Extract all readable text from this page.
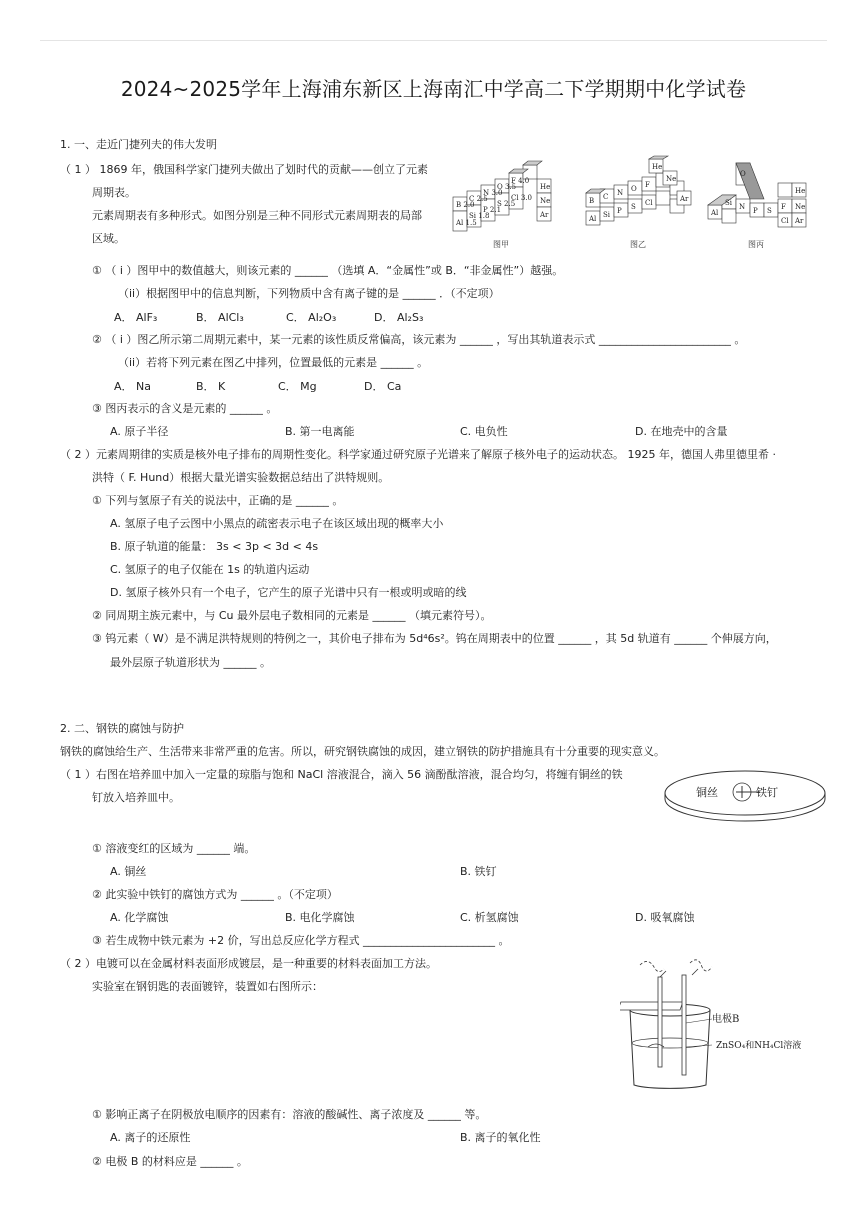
2024~2025学年上海浦东新区上海南汇中学高二下学期期中化学试卷
1. 一、走近门捷列夫的伟大发明
（ 1 ） 1869 年，俄国科学家门捷列夫做出了划时代的贡献——创立了元素
周期表。
元素周期表有多种形式。如图分别是三种不同形式元素周期表的局部
区域。
B 2.0
Al 1.5
C 2.5
Si 1.8
N 3.0
P 2.1
O 3.5
S 2.5
F 4.0
Cl 3.0
He
Ne
Ar
图甲
B
Al
C
Si
N
P
O
S
F
Cl
He
Ne
Ar
图乙
O
He
Ne
Ar
F
Cl
Si
Al
N P S
图丙
① （ i ）图甲中的数值越大，则该元素的 ______ （选填 A．“金属性”或 B．“非金属性”）越强。
（ii）根据图甲中的信息判断，下列物质中含有离子键的是 ______ ．（不定项）
A． AlF₃	B． AlCl₃	C． Al₂O₃	D． Al₂S₃
② （ i ）图乙所示第二周期元素中，某一元素的该性质反常偏高，该元素为 ______ ，写出其轨道表示式 ________________________ 。
（ii）若将下列元素在图乙中排列，位置最低的元素是 ______ 。
A． Na	B． K	C． Mg	D． Ca
③ 图丙表示的含义是元素的 ______ 。
A. 原子半径	B. 第一电离能	C. 电负性	D. 在地壳中的含量
（ 2 ）元素周期律的实质是核外电子排布的周期性变化。科学家通过研究原子光谱来了解原子核外电子的运动状态。 1925 年，德国人弗里德里希 ·
洪特（ F. Hund）根据大量光谱实验数据总结出了洪特规则。
① 下列与氢原子有关的说法中，正确的是 ______ 。
A. 氢原子电子云图中小黑点的疏密表示电子在该区域出现的概率大小
B. 原子轨道的能量： 3s < 3p < 3d < 4s
C. 氢原子的电子仅能在 1s 的轨道内运动
D. 氢原子核外只有一个电子，它产生的原子光谱中只有一根或明或暗的线
② 同周期主族元素中，与 Cu 最外层电子数相同的元素是 ______ （填元素符号）。
③ 钨元素（ W）是不满足洪特规则的特例之一，其价电子排布为 5d⁴6s²。钨在周期表中的位置 ______ ，其 5d 轨道有 ______ 个伸展方向，
最外层原子轨道形状为 ______ 。
2. 二、钢铁的腐蚀与防护
钢铁的腐蚀给生产、生活带来非常严重的危害。所以，研究钢铁腐蚀的成因，建立钢铁的防护措施具有十分重要的现实意义。
（ 1 ）右图在培养皿中加入一定量的琼脂与饱和 NaCl 溶液混合，滴入 56 滴酚酞溶液，混合均匀，将缠有铜丝的铁
钉放入培养皿中。	铜丝	铁钉
① 溶液变红的区域为 ______ 端。
A. 铜丝	B. 铁钉
② 此实验中铁钉的腐蚀方式为 ______ 。（不定项）
A. 化学腐蚀	B. 电化学腐蚀	C. 析氢腐蚀	D. 吸氧腐蚀
③ 若生成物中铁元素为 +2 价，写出总反应化学方程式 ________________________ 。
（ 2 ）电镀可以在金属材料表面形成镀层，是一种重要的材料表面加工方法。
实验室在钢钥匙的表面镀锌，装置如右图所示：
电极B
ZnSO₄和NH₄Cl溶液
① 影响正离子在阴极放电顺序的因素有：溶液的酸碱性、离子浓度及 ______ 等。
A. 离子的还原性	B. 离子的氧化性
② 电极 B 的材料应是 ______ 。
